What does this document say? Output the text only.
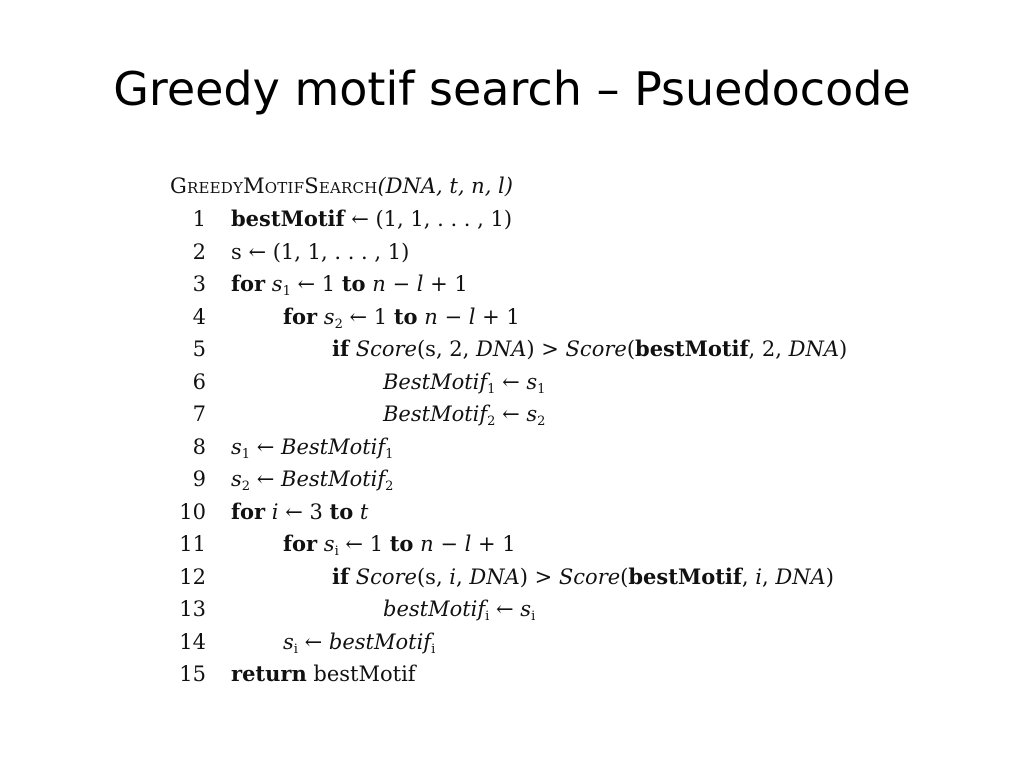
Greedy motif search – Psuedocode
GreedyMotifSearch(DNA, t, n, l)
1 bestMotif ← (1, 1, . . . , 1)
2 s ← (1, 1, . . . , 1)
3 for $s_1$ ← 1 to n − l + 1
4	for $s_2$ ← 1 to n − l + 1
5	if Score(s, 2, DNA) > Score(bestMotif, 2, DNA)
6	BestMotif$_1$ ← $s_1$
7	BestMotif$_2$ ← $s_2$
8 $s_1$ ← BestMotif$_1$
9 $s_2$ ← BestMotif$_2$
10 for i ← 3 to t
11	for $s_i$ ← 1 to n − l + 1
12	if Score(s, i, DNA) > Score(bestMotif, i, DNA)
13	bestMotif$_i$ ← $s_i$
14	$s_i$ ← bestMotif$_i$
15 return bestMotif
